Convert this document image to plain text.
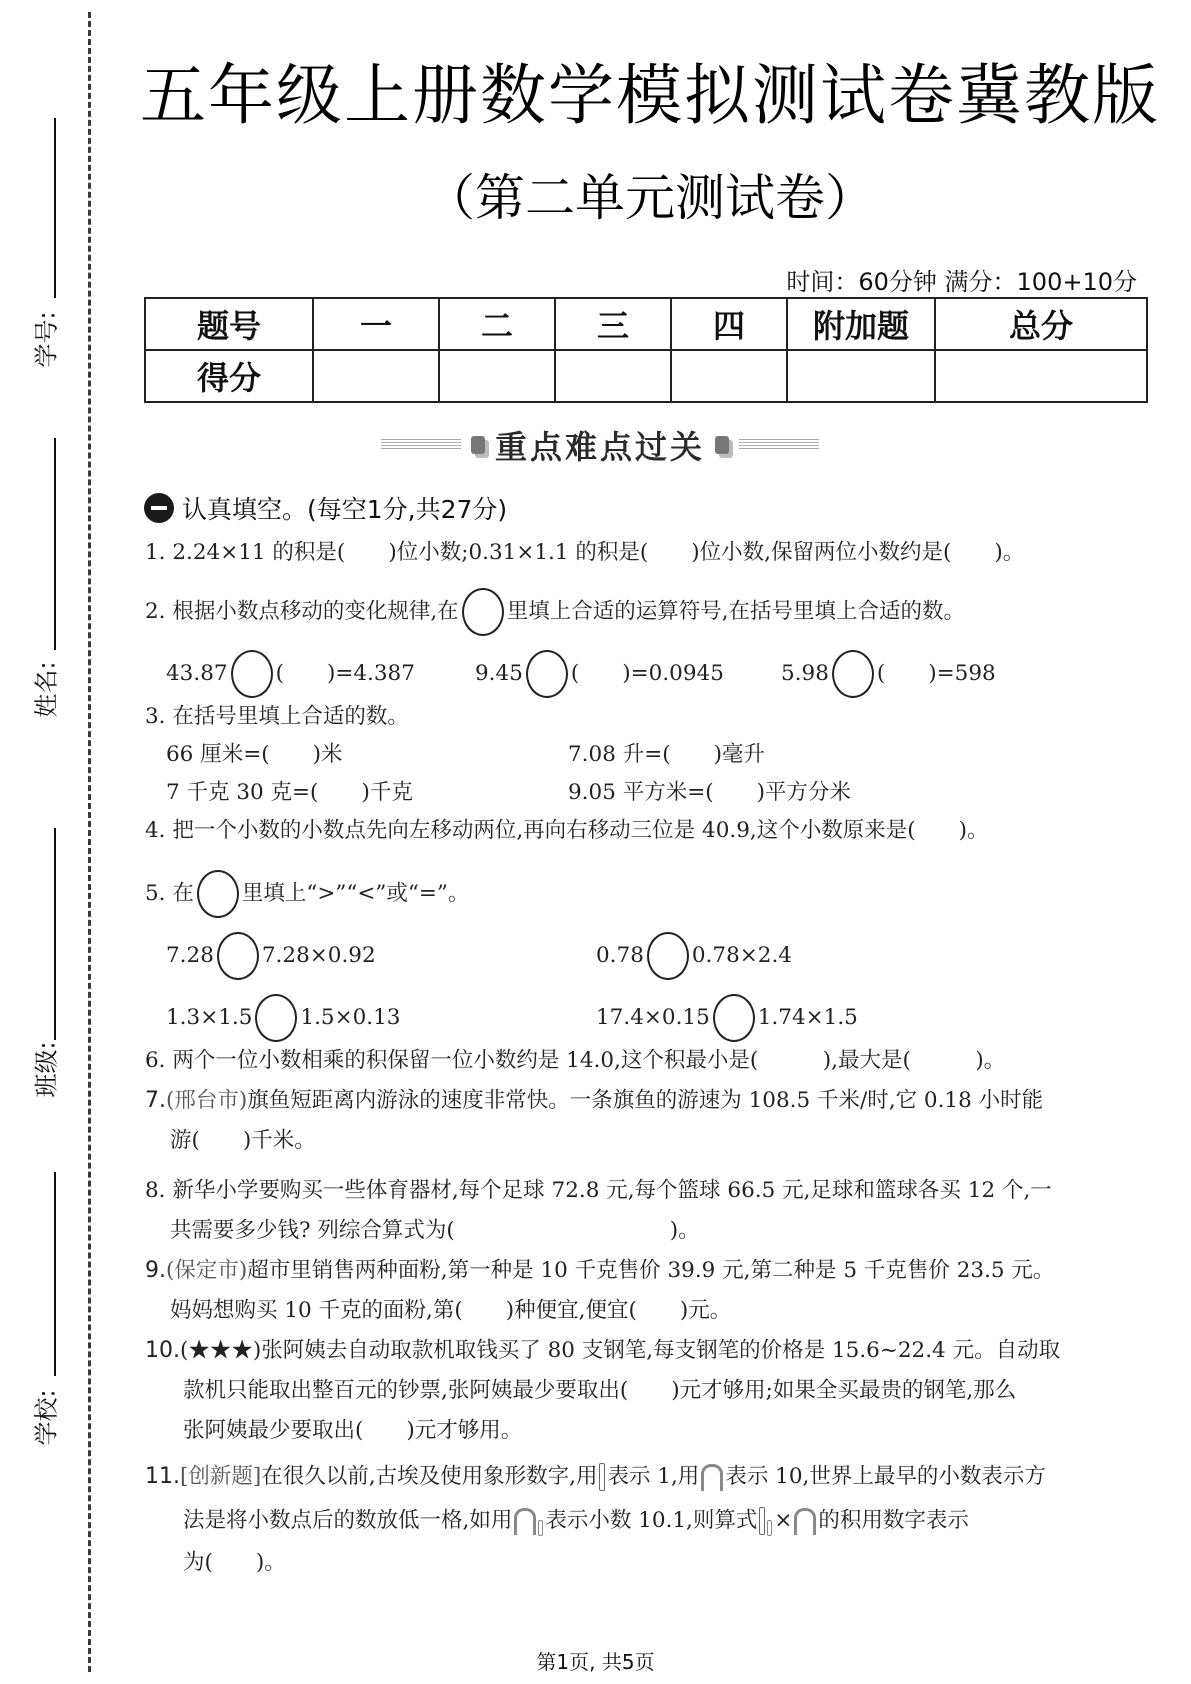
学号:
姓名:
班级:
学校:
五年级上册数学模拟测试卷冀教版
（第二单元测试卷）
时间：60分钟 满分：100+10分
题号	一	二	三	四	附加题	总分
得分						
重点难点过关
认真填空。(每空1分,共27分)
1. 2.24×11 的积是(　　)位小数;0.31×1.1 的积是(　　)位小数,保留两位小数约是(　　)。
2. 根据小数点移动的变化规律,在 里填上合适的运算符号,在括号里填上合适的数。
43.87 (　　)=4.387	9.45 (　　)=0.0945	5.98 (　　)=598
3. 在括号里填上合适的数。
66 厘米=(　　)米	7.08 升=(　　)毫升
7 千克 30 克=(　　)千克	9.05 平方米=(　　)平方分米
4. 把一个小数的小数点先向左移动两位,再向右移动三位是 40.9,这个小数原来是(　　)。
5. 在 里填上“>”“<”或“=”。
7.28 7.28×0.92	0.78 0.78×2.4
1.3×1.5 1.5×0.13	17.4×0.15 1.74×1.5
6. 两个一位小数相乘的积保留一位小数约是 14.0,这个积最小是(　　　),最大是(　　　)。
7.(邢台市)旗鱼短距离内游泳的速度非常快。一条旗鱼的游速为 108.5 千米/时,它 0.18 小时能
游(　　)千米。
8. 新华小学要购买一些体育器材,每个足球 72.8 元,每个篮球 66.5 元,足球和篮球各买 12 个,一
共需要多少钱? 列综合算式为(　　　　　　　　　　)。
9.(保定市)超市里销售两种面粉,第一种是 10 千克售价 39.9 元,第二种是 5 千克售价 23.5 元。
妈妈想购买 10 千克的面粉,第(　　)种便宜,便宜(　　)元。
10.(★★★)张阿姨去自动取款机取钱买了 80 支钢笔,每支钢笔的价格是 15.6~22.4 元。自动取
款机只能取出整百元的钞票,张阿姨最少要取出(　　)元才够用;如果全买最贵的钢笔,那么
张阿姨最少要取出(　　)元才够用。
11.[创新题]在很久以前,古埃及使用象形数字,用 表示 1,用 表示 10,世界上最早的小数表示方
法是将小数点后的数放低一格,如用 表示小数 10.1,则算式 × 的积用数字表示
为(　　)。
第1页, 共5页
